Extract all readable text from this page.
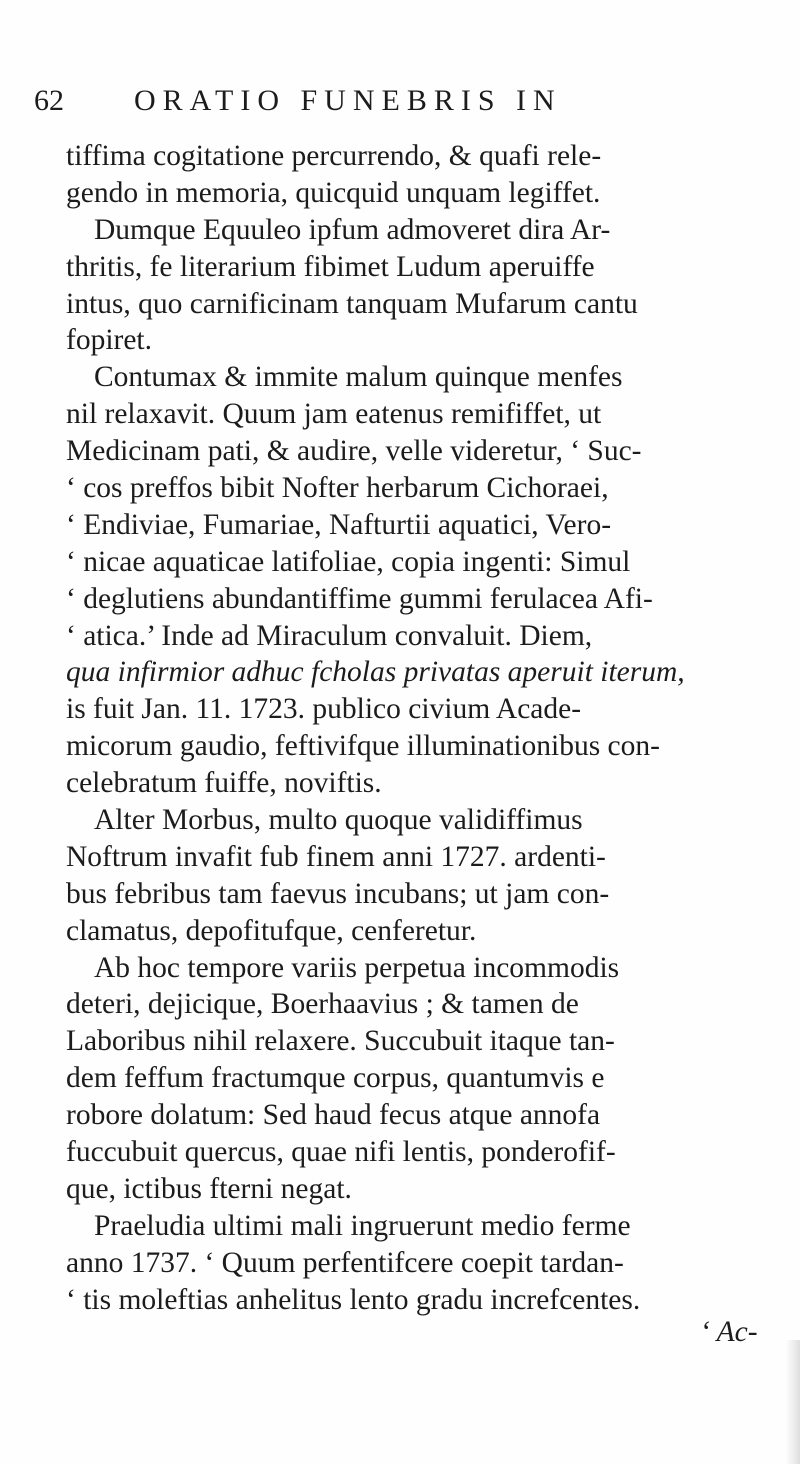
62 ORATIO FUNEBRIS IN
tiffima cogitatione percurrendo, & quafi rele-
gendo in memoria, quicquid unquam legiffet.
Dumque Equuleo ipfum admoveret dira Ar-
thritis, fe literarium fibimet Ludum aperuiffe
intus, quo carnificinam tanquam Mufarum cantu
fopiret.
Contumax & immite malum quinque menfes
nil relaxavit. Quum jam eatenus remififfet, ut
Medicinam pati, & audire, velle videretur, ‘ Suc-
‘ cos preffos bibit Nofter herbarum Cichoraei,
‘ Endiviae, Fumariae, Nafturtii aquatici, Vero-
‘ nicae aquaticae latifoliae, copia ingenti: Simul
‘ deglutiens abundantiffime gummi ferulacea Afi-
‘ atica.’ Inde ad Miraculum convaluit. Diem,
qua infirmior adhuc fcholas privatas aperuit iterum,
is fuit Jan. 11. 1723. publico civium Acade-
micorum gaudio, feftivifque illuminationibus con-
celebratum fuiffe, noviftis.
Alter Morbus, multo quoque validiffimus
Noftrum invafit fub finem anni 1727. ardenti-
bus febribus tam faevus incubans; ut jam con-
clamatus, depofitufque, cenferetur.
Ab hoc tempore variis perpetua incommodis
deteri, dejicique, Boerhaavius ; & tamen de
Laboribus nihil relaxere. Succubuit itaque tan-
dem feffum fractumque corpus, quantumvis e
robore dolatum: Sed haud fecus atque annofa
fuccubuit quercus, quae nifi lentis, ponderofif-
que, ictibus fterni negat.
Praeludia ultimi mali ingruerunt medio ferme
anno 1737. ‘ Quum perfentifcere coepit tardan-
‘ tis moleftias anhelitus lento gradu increfcentes.
‘ Ac-
